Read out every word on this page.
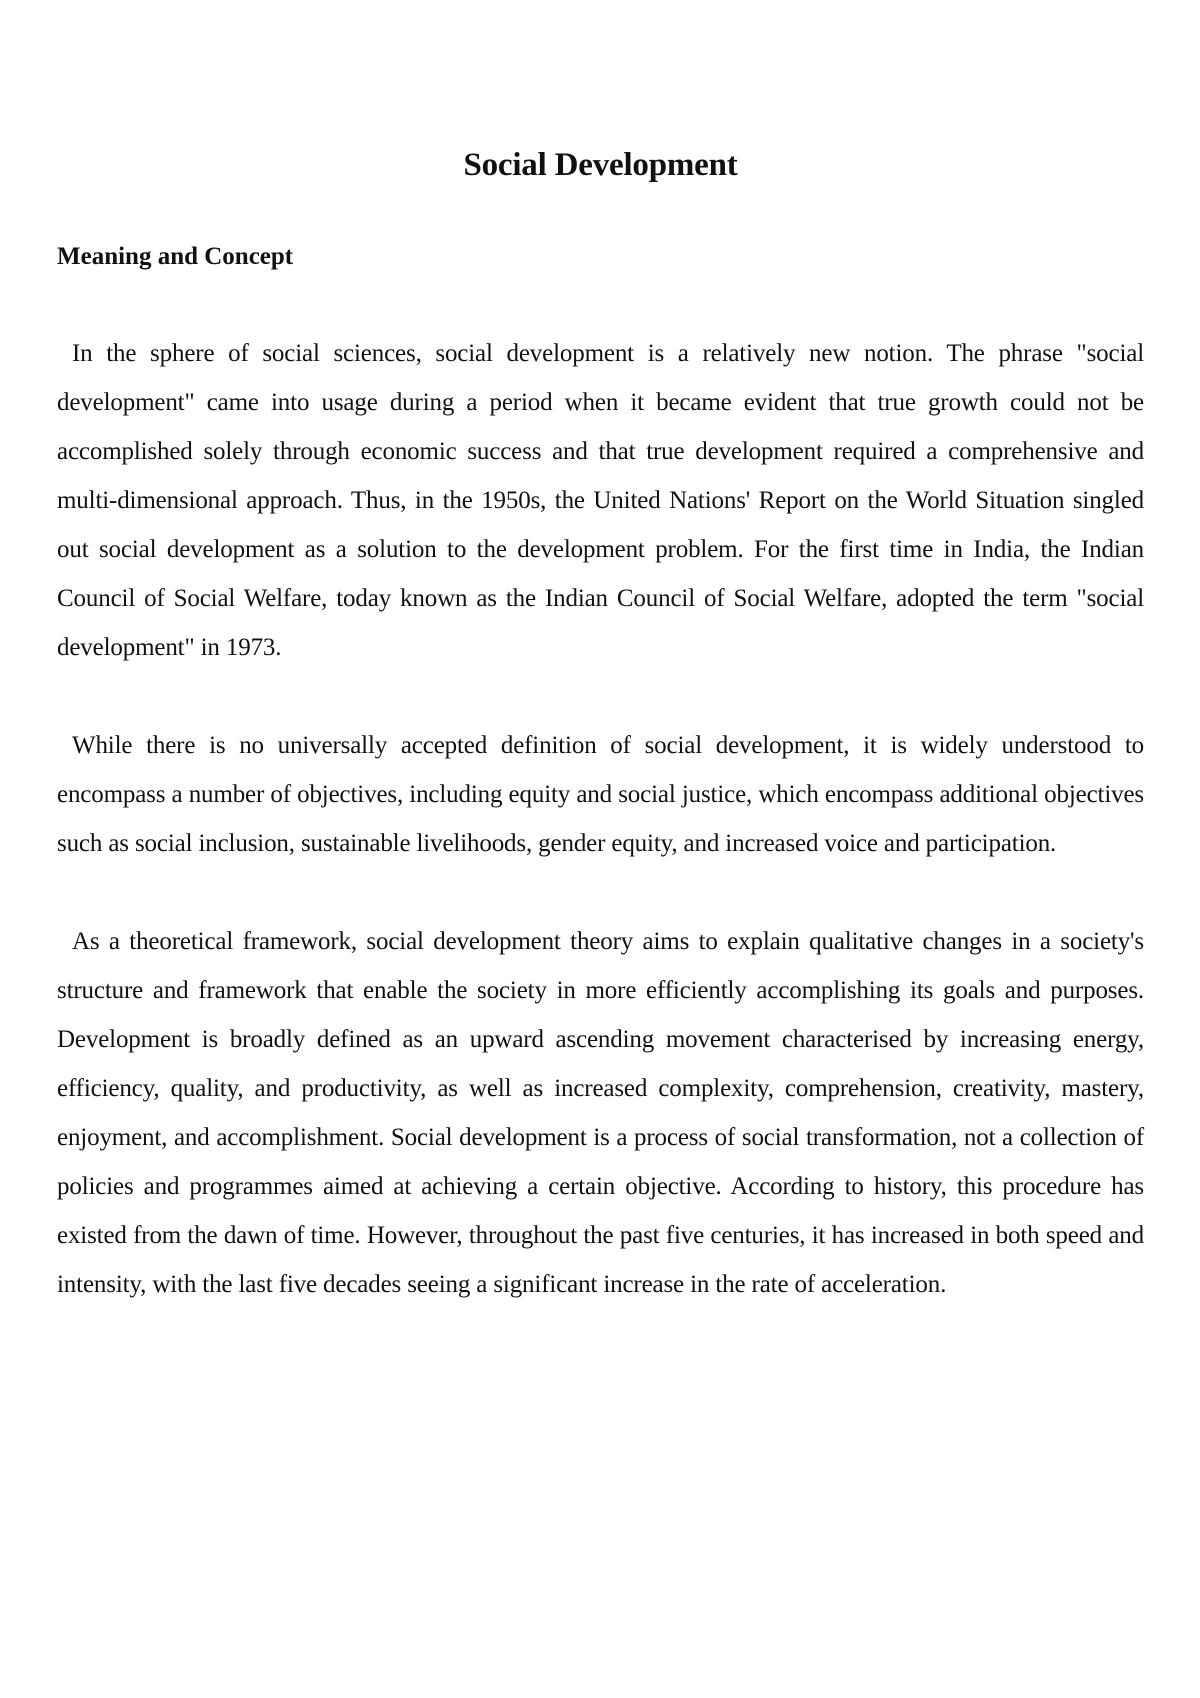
Social Development
Meaning and Concept

In the sphere of social sciences, social development is a relatively new notion. The phrase "social development" came into usage during a period when it became evident that true growth could not be accomplished solely through economic success and that true development required a comprehensive and multi-dimensional approach. Thus, in the 1950s, the United Nations' Report on the World Situation singled out social development as a solution to the development problem. For the first time in India, the Indian Council of Social Welfare, today known as the Indian Council of Social Welfare, adopted the term "social development" in 1973.

While there is no universally accepted definition of social development, it is widely understood to encompass a number of objectives, including equity and social justice, which encompass additional objectives such as social inclusion, sustainable livelihoods, gender equity, and increased voice and participation.

As a theoretical framework, social development theory aims to explain qualitative changes in a society's structure and framework that enable the society in more efficiently accomplishing its goals and purposes. Development is broadly defined as an upward ascending movement characterised by increasing energy, efficiency, quality, and productivity, as well as increased complexity, comprehension, creativity, mastery, enjoyment, and accomplishment. Social development is a process of social transformation, not a collection of policies and programmes aimed at achieving a certain objective. According to history, this procedure has existed from the dawn of time. However, throughout the past five centuries, it has increased in both speed and intensity, with the last five decades seeing a significant increase in the rate of acceleration.
